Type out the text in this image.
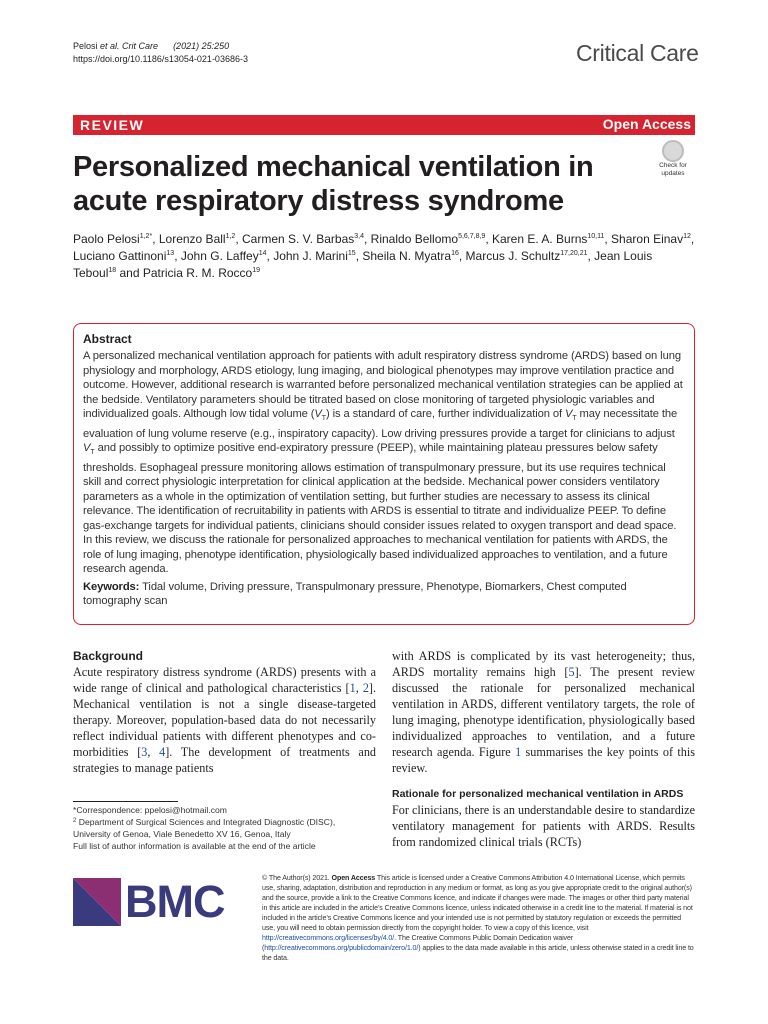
Pelosi et al. Crit Care (2021) 25:250
https://doi.org/10.1186/s13054-021-03686-3	Critical Care
REVIEW	Open Access
Personalized mechanical ventilation in acute respiratory distress syndrome
Check for
updates
Paolo Pelosi$^{1,2*}$, Lorenzo Ball$^{1,2}$, Carmen S. V. Barbas$^{3,4}$, Rinaldo Bellomo$^{5,6,7,8,9}$, Karen E. A. Burns$^{10,11}$, Sharon Einav$^{12}$, Luciano Gattinoni$^{13}$, John G. Laffey$^{14}$, John J. Marini$^{15}$, Sheila N. Myatra$^{16}$, Marcus J. Schultz$^{17,20,21}$, Jean Louis Teboul$^{18}$ and Patricia R. M. Rocco$^{19}$
Abstract

A personalized mechanical ventilation approach for patients with adult respiratory distress syndrome (ARDS) based on lung physiology and morphology, ARDS etiology, lung imaging, and biological phenotypes may improve ventilation practice and outcome. However, additional research is warranted before personalized mechanical ventilation strategies can be applied at the bedside. Ventilatory parameters should be titrated based on close monitoring of targeted physiologic variables and individualized goals. Although low tidal volume $(V_T)$ is a standard of care, further individualization of $V_T$ may necessitate the evaluation of lung volume reserve (e.g., inspiratory capacity). Low driving pressures provide a target for clinicians to adjust $V_T$ and possibly to optimize positive end-expiratory pressure (PEEP), while maintaining plateau pressures below safety thresholds. Esophageal pressure monitoring allows estimation of transpulmonary pressure, but its use requires technical skill and correct physiologic interpretation for clinical application at the bedside. Mechanical power considers ventilatory parameters as a whole in the optimization of ventilation setting, but further studies are necessary to assess its clinical relevance. The identification of recruitability in patients with ARDS is essential to titrate and individualize PEEP. To define gas-exchange targets for individual patients, clinicians should consider issues related to oxygen transport and dead space. In this review, we discuss the rationale for personalized approaches to mechanical ventilation for patients with ARDS, the role of lung imaging, phenotype identification, physiologically based individualized approaches to ventilation, and a future research agenda.

Keywords: Tidal volume, Driving pressure, Transpulmonary pressure, Phenotype, Biomarkers, Chest computed tomography scan

Background

Acute respiratory distress syndrome (ARDS) presents with a wide range of clinical and pathological characteristics [1, 2]. Mechanical ventilation is not a single disease-targeted therapy. Moreover, population-based data do not necessarily reflect individual patients with different phenotypes and co-morbidities [3, 4]. The development of treatments and strategies to manage patients

with ARDS is complicated by its vast heterogeneity; thus, ARDS mortality remains high [5]. The present review discussed the rationale for personalized mechanical ventilation in ARDS, different ventilatory targets, the role of lung imaging, phenotype identification, physiologically based individualized approaches to ventilation, and a future research agenda. Figure 1 summarises the key points of this review.

Rationale for personalized mechanical ventilation in ARDS

For clinicians, there is an understandable desire to standardize ventilatory management for patients with ARDS. Results from randomized clinical trials (RCTs)

*Correspondence: ppelosi@hotmail.com
$^2$ Department of Surgical Sciences and Integrated Diagnostic (DISC),
University of Genoa, Viale Benedetto XV 16, Genoa, Italy
Full list of author information is available at the end of the article
BMC	© The Author(s) 2021. Open Access This article is licensed under a Creative Commons Attribution 4.0 International License, which permits use, sharing, adaptation, distribution and reproduction in any medium or format, as long as you give appropriate credit to the original author(s) and the source, provide a link to the Creative Commons licence, and indicate if changes were made. The images or other third party material in this article are included in the article’s Creative Commons licence, unless indicated otherwise in a credit line to the material. If material is not included in the article’s Creative Commons licence and your intended use is not permitted by statutory regulation or exceeds the permitted use, you will need to obtain permission directly from the copyright holder. To view a copy of this licence, visit http://creativecommons.org/licenses/by/4.0/. The Creative Commons Public Domain Dedication waiver (http://creativecommons.org/publicdomain/zero/1.0/) applies to the data made available in this article, unless otherwise stated in a credit line to the data.
